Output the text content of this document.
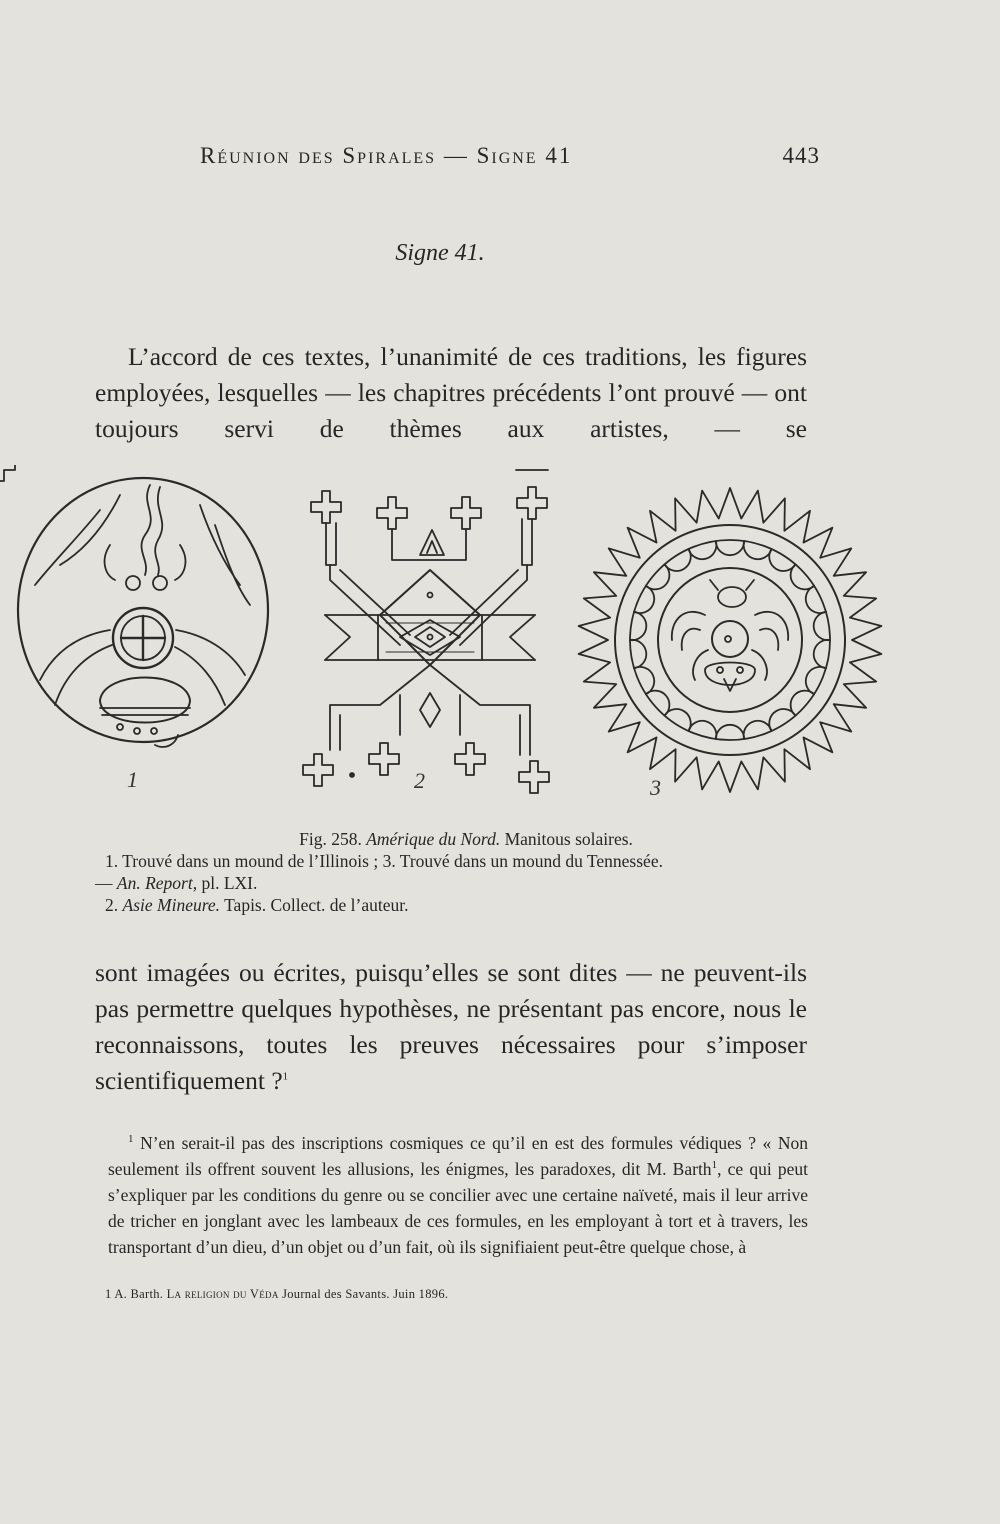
Réunion des Spirales — Signe 41	443
Signe 41.

L’accord de ces textes, l’unanimité de ces traditions, les figures employées, lesquelles — les chapitres précédents l’ont prouvé — ont toujours servi de thèmes aux artistes, — se

2
1	3
Fig. 258. Amérique du Nord. Manitous solaires.
1. Trouvé dans un mound de l’Illinois ; 3. Trouvé dans un mound du Tennessée.
— An. Report, pl. LXI.
2. Asie Mineure. Tapis. Collect. de l’auteur.

sont imagées ou écrites, puisqu’elles se sont dites — ne peuvent-ils pas permettre quelques hypothèses, ne présentant pas encore, nous le reconnaissons, toutes les preuves nécessaires pour s’imposer scientifiquement ?$^1$

$^1$ N’en serait-il pas des inscriptions cosmiques ce qu’il en est des formules védiques ? « Non seulement ils offrent souvent les allusions, les énigmes, les paradoxes, dit M. Barth$^1$, ce qui peut s’expliquer par les conditions du genre ou se concilier avec une certaine naïveté, mais il leur arrive de tricher en jonglant avec les lambeaux de ces formules, en les employant à tort et à travers, les transportant d’un dieu, d’un objet ou d’un fait, où ils signifiaient peut-être quelque chose, à

1 A. Barth. La religion du Véda Journal des Savants. Juin 1896.
